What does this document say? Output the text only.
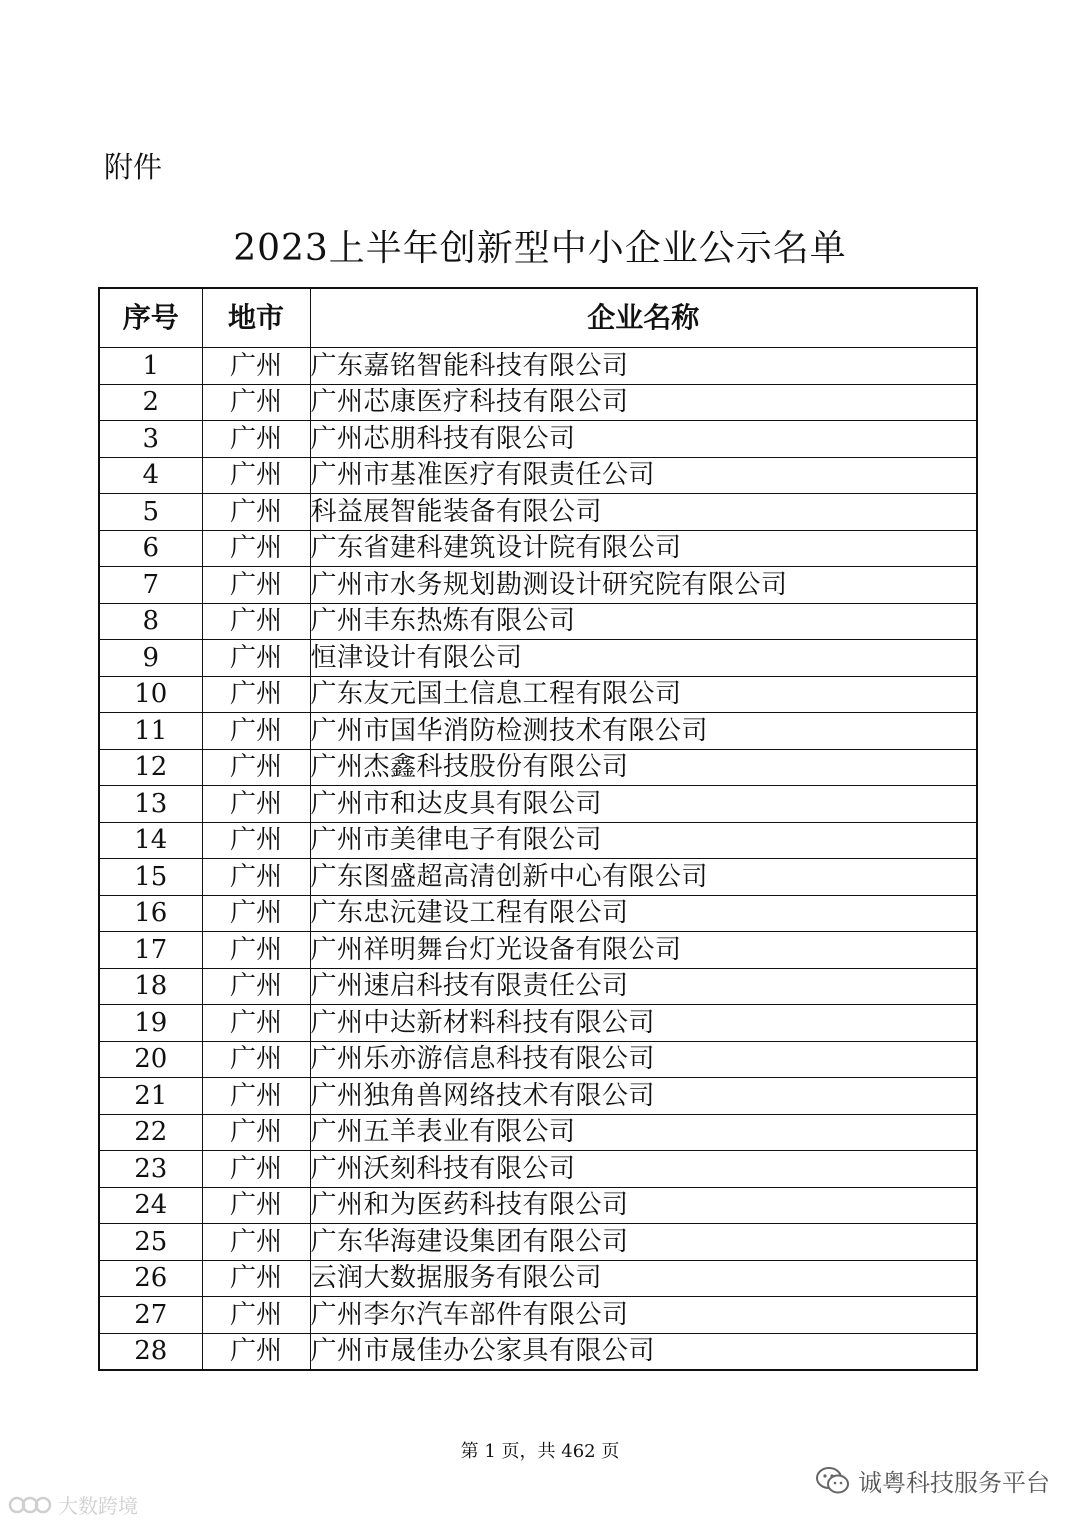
附件
2023上半年创新型中小企业公示名单
序号	地市	企业名称
1	广州	广东嘉铭智能科技有限公司
2	广州	广州芯康医疗科技有限公司
3	广州	广州芯朋科技有限公司
4	广州	广州市基准医疗有限责任公司
5	广州	科益展智能装备有限公司
6	广州	广东省建科建筑设计院有限公司
7	广州	广州市水务规划勘测设计研究院有限公司
8	广州	广州丰东热炼有限公司
9	广州	恒津设计有限公司
10	广州	广东友元国土信息工程有限公司
11	广州	广州市国华消防检测技术有限公司
12	广州	广州杰鑫科技股份有限公司
13	广州	广州市和达皮具有限公司
14	广州	广州市美律电子有限公司
15	广州	广东图盛超高清创新中心有限公司
16	广州	广东忠沅建设工程有限公司
17	广州	广州祥明舞台灯光设备有限公司
18	广州	广州速启科技有限责任公司
19	广州	广州中达新材料科技有限公司
20	广州	广州乐亦游信息科技有限公司
21	广州	广州独角兽网络技术有限公司
22	广州	广州五羊表业有限公司
23	广州	广州沃刻科技有限公司
24	广州	广州和为医药科技有限公司
25	广州	广东华海建设集团有限公司
26	广州	云润大数据服务有限公司
27	广州	广州李尔汽车部件有限公司
28	广州	广州市晟佳办公家具有限公司
第 1 页，共 462 页
诚粤科技服务平台
大数跨境
